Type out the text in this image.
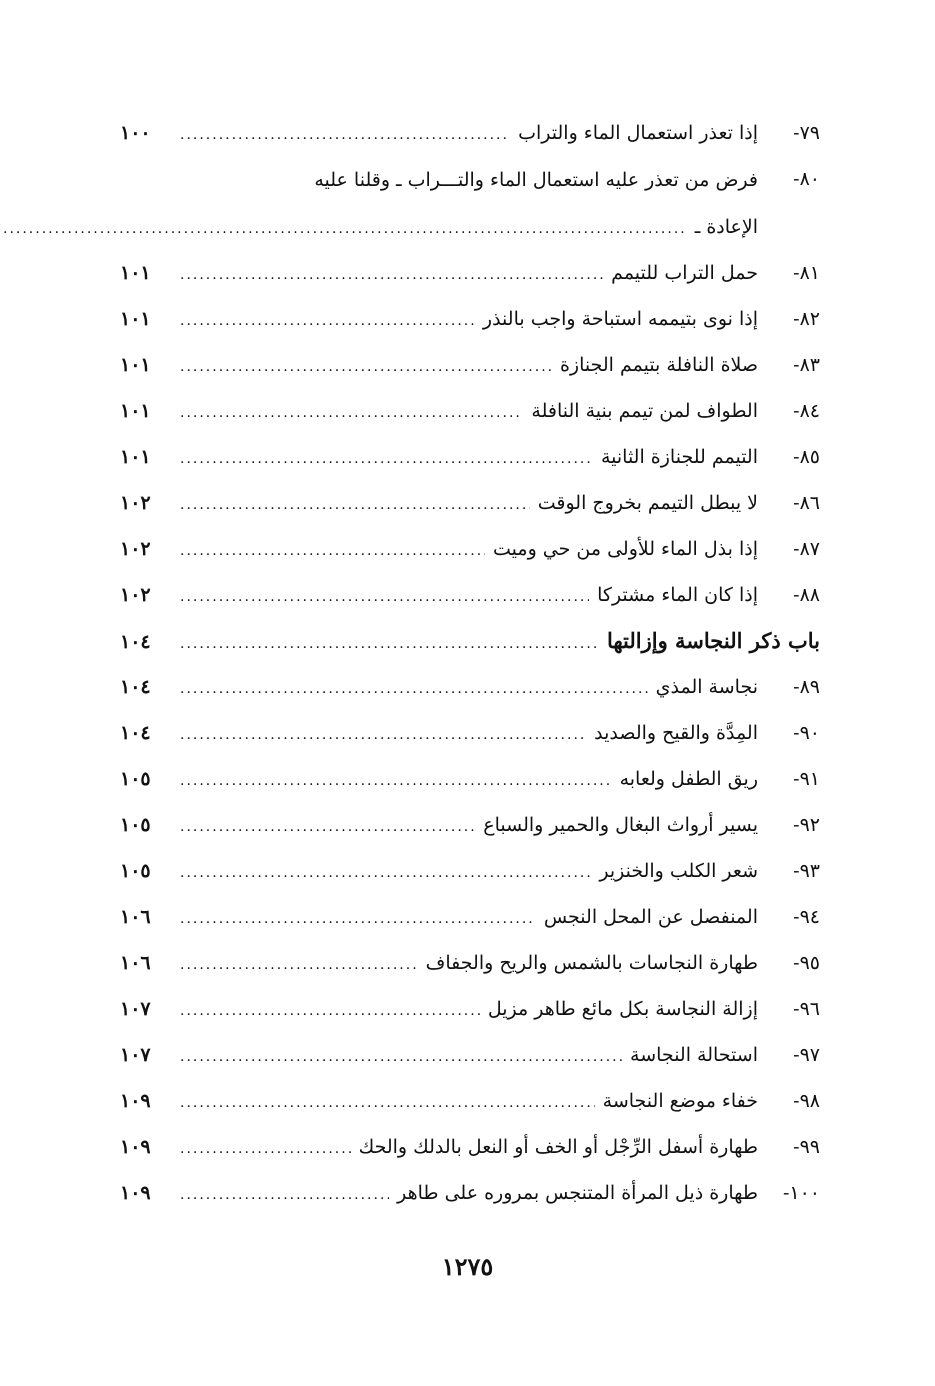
٧٩-
إذا تعذر استعمال الماء والتراب
.....
١٠٠
٨٠-
فرض من تعذر عليه استعمال الماء والتـــراب ـ وقلنا عليه
الإعادة ـ
.....
٨١-
حمل التراب للتيمم
.....
١٠١
٨٢-
إذا نوى بتيممه استباحة واجب بالنذر
.....
١٠١
٨٣-
صلاة النافلة بتيمم الجنازة
.....
١٠١
٨٤-
الطواف لمن تيمم بنية النافلة
.....
١٠١
٨٥-
التيمم للجنازة الثانية
.....
١٠١
٨٦-
لا يبطل التيمم بخروج الوقت
.....
١٠٢
٨٧-
إذا بذل الماء للأولى من حي وميت
.....
١٠٢
٨٨-
إذا كان الماء مشتركا
.....
١٠٢
باب ذكر النجاسة وإزالتها
.....
١٠٤
٨٩-
نجاسة المذي
.....
١٠٤
٩٠-
المِدَّة والقيح والصديد
.....
١٠٤
٩١-
ريق الطفل ولعابه
.....
١٠٥
٩٢-
يسير أرواث البغال والحمير والسباع
.....
١٠٥
٩٣-
شعر الكلب والخنزير
.....
١٠٥
٩٤-
المنفصل عن المحل النجس
.....
١٠٦
٩٥-
طهارة النجاسات بالشمس والريح والجفاف
.....
١٠٦
٩٦-
إزالة النجاسة بكل مائع طاهر مزيل
.....
١٠٧
٩٧-
استحالة النجاسة
.....
١٠٧
٩٨-
خفاء موضع النجاسة
.....
١٠٩
٩٩-
طهارة أسفل الرِّجْل أو الخف أو النعل بالدلك والحك
.....
١٠٩
١٠٠-
طهارة ذيل المرأة المتنجس بمروره على طاهر
.....
١٠٩
١٢٧٥
